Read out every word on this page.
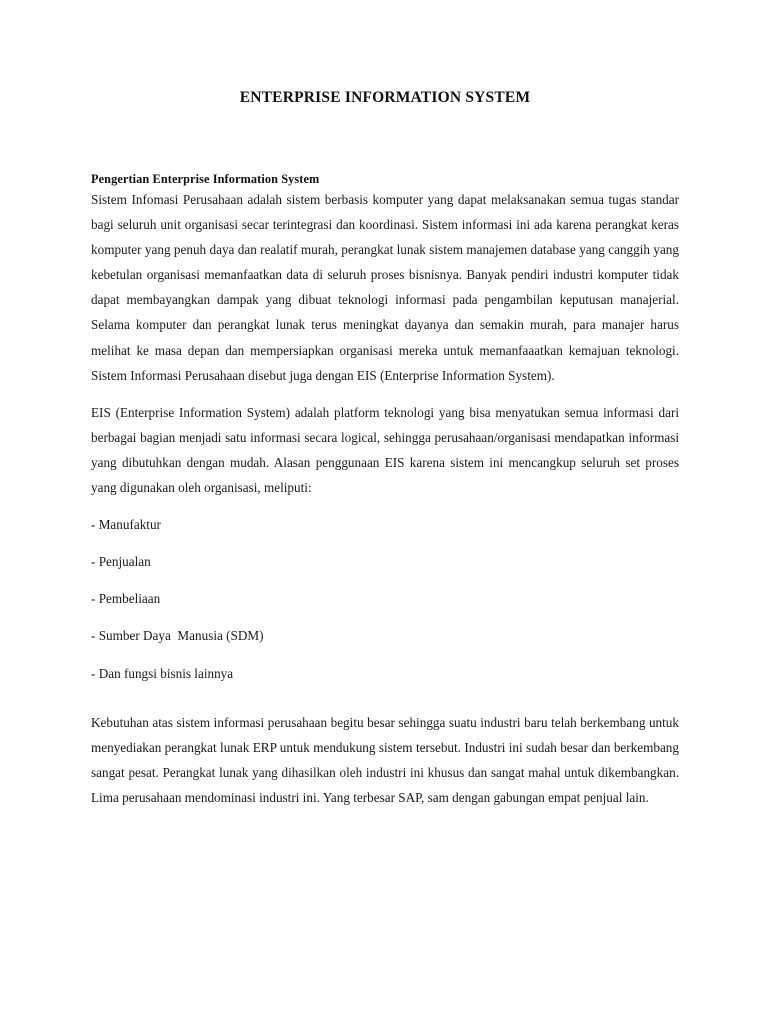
ENTERPRISE INFORMATION SYSTEM
Pengertian Enterprise Information System

Sistem Infomasi Perusahaan adalah sistem berbasis komputer yang dapat melaksanakan semua tugas standar bagi seluruh unit organisasi secar terintegrasi dan koordinasi. Sistem informasi ini ada karena perangkat keras komputer yang penuh daya dan realatif murah, perangkat lunak sistem manajemen database yang canggih yang kebetulan organisasi memanfaatkan data di seluruh proses bisnisnya. Banyak pendiri industri komputer tidak dapat membayangkan dampak yang dibuat teknologi informasi pada pengambilan keputusan manajerial. Selama komputer dan perangkat lunak terus meningkat dayanya dan semakin murah, para manajer harus melihat ke masa depan dan mempersiapkan organisasi mereka untuk memanfaaatkan kemajuan teknologi. Sistem Informasi Perusahaan disebut juga dengan EIS (Enterprise Information System).

EIS (Enterprise Information System) adalah platform teknologi yang bisa menyatukan semua informasi dari berbagai bagian menjadi satu informasi secara logical, sehingga perusahaan/organisasi mendapatkan informasi yang dibutuhkan dengan mudah. Alasan penggunaan EIS karena sistem ini mencangkup seluruh set proses yang digunakan oleh organisasi, meliputi:

- Manufaktur
- Penjualan
- Pembeliaan
- Sumber Daya  Manusia (SDM)
- Dan fungsi bisnis lainnya

Kebutuhan atas sistem informasi perusahaan begitu besar sehingga suatu industri baru telah berkembang untuk menyediakan perangkat lunak ERP untuk mendukung sistem tersebut. Industri ini sudah besar dan berkembang sangat pesat. Perangkat lunak yang dihasilkan oleh industri ini khusus dan sangat mahal untuk dikembangkan. Lima perusahaan mendominasi industri ini. Yang terbesar SAP, sam dengan gabungan empat penjual lain.
